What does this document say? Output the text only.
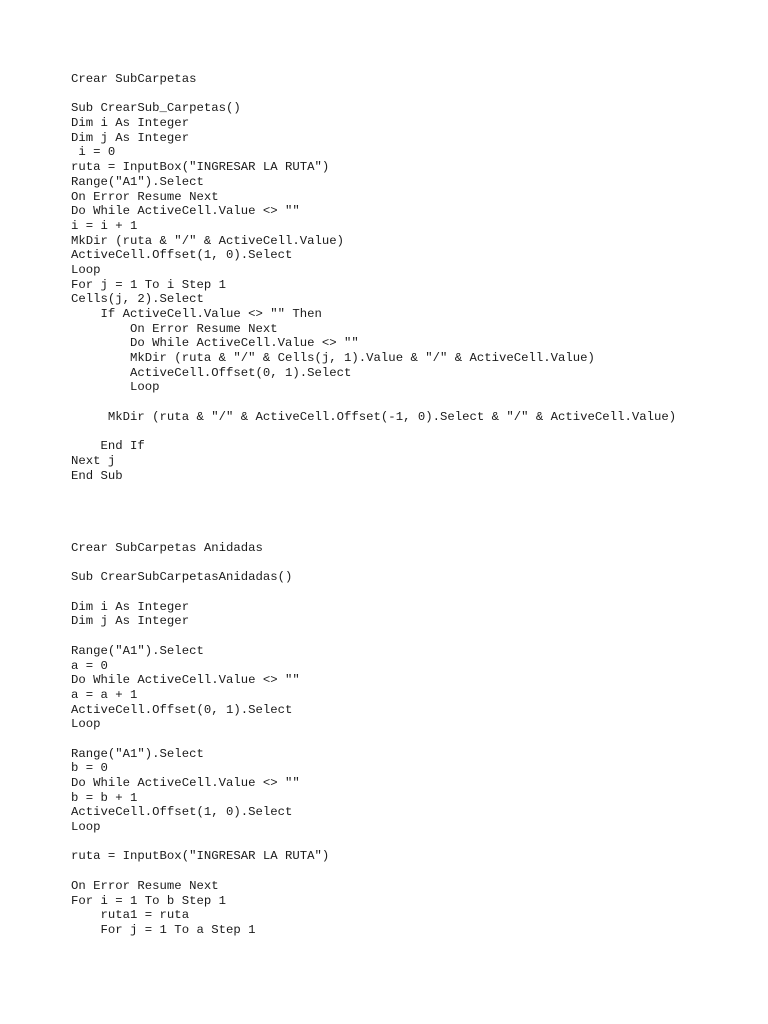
Crear SubCarpetas
Sub CrearSub_Carpetas()
Dim i As Integer
Dim j As Integer
i = 0
ruta = InputBox("INGRESAR LA RUTA")
Range("A1").Select
On Error Resume Next
Do While ActiveCell.Value <> ""
i = i + 1
MkDir (ruta & "/" & ActiveCell.Value)
ActiveCell.Offset(1, 0).Select
Loop
For j = 1 To i Step 1
Cells(j, 2).Select
If ActiveCell.Value <> "" Then
On Error Resume Next
Do While ActiveCell.Value <> ""
MkDir (ruta & "/" & Cells(j, 1).Value & "/" & ActiveCell.Value)
ActiveCell.Offset(0, 1).Select
Loop
MkDir (ruta & "/" & ActiveCell.Offset(-1, 0).Select & "/" & ActiveCell.Value)
End If
Next j
End Sub
Crear SubCarpetas Anidadas
Sub CrearSubCarpetasAnidadas()
Dim i As Integer
Dim j As Integer
Range("A1").Select
a = 0
Do While ActiveCell.Value <> ""
a = a + 1
ActiveCell.Offset(0, 1).Select
Loop
Range("A1").Select
b = 0
Do While ActiveCell.Value <> ""
b = b + 1
ActiveCell.Offset(1, 0).Select
Loop
ruta = InputBox("INGRESAR LA RUTA")
On Error Resume Next
For i = 1 To b Step 1
ruta1 = ruta
For j = 1 To a Step 1
